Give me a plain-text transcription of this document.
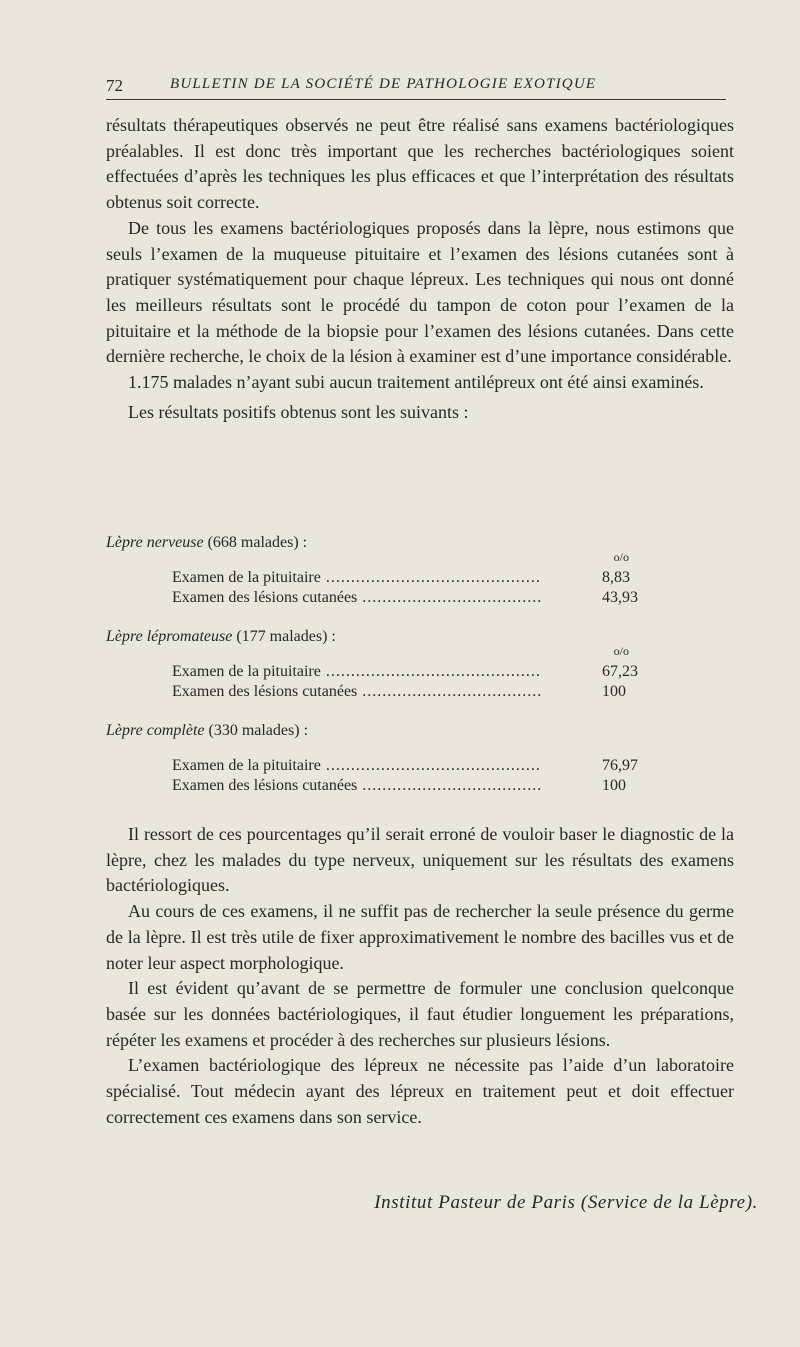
72	BULLETIN DE LA SOCIÉTÉ DE PATHOLOGIE EXOTIQUE

résultats thérapeutiques observés ne peut être réalisé sans examens bactériologiques préalables. Il est donc très important que les recherches bactériologiques soient effectuées d’après les techniques les plus efficaces et que l’interprétation des résultats obtenus soit correcte.

De tous les examens bactériologiques proposés dans la lèpre, nous estimons que seuls l’examen de la muqueuse pituitaire et l’examen des lésions cutanées sont à pratiquer systématiquement pour chaque lépreux. Les techniques qui nous ont donné les meilleurs résultats sont le procédé du tampon de coton pour l’examen de la pituitaire et la méthode de la biopsie pour l’examen des lésions cutanées. Dans cette dernière recherche, le choix de la lésion à examiner est d’une importance considérable.

1.175 malades n’ayant subi aucun traitement antilépreux ont été ainsi examinés.

Les résultats positifs obtenus sont les suivants :

Lèpre nerveuse (668 malades) :
o/o
Examen de la pituitaire .....	8,83
Examen des lésions cutanées .....	43,93
Lèpre lépromateuse (177 malades) :
o/o
Examen de la pituitaire .....	67,23
Examen des lésions cutanées .....	100
Lèpre complète (330 malades) :
Examen de la pituitaire .....	76,97
Examen des lésions cutanées .....	100

Il ressort de ces pourcentages qu’il serait erroné de vouloir baser le diagnostic de la lèpre, chez les malades du type nerveux, uniquement sur les résultats des examens bactériologiques.

Au cours de ces examens, il ne suffit pas de rechercher la seule présence du germe de la lèpre. Il est très utile de fixer approximativement le nombre des bacilles vus et de noter leur aspect morphologique.

Il est évident qu’avant de se permettre de formuler une conclusion quelconque basée sur les données bactériologiques, il faut étudier longuement les préparations, répéter les examens et procéder à des recherches sur plusieurs lésions.

L’examen bactériologique des lépreux ne nécessite pas l’aide d’un laboratoire spécialisé. Tout médecin ayant des lépreux en traitement peut et doit effectuer correctement ces examens dans son service.

Institut Pasteur de Paris (Service de la Lèpre).
